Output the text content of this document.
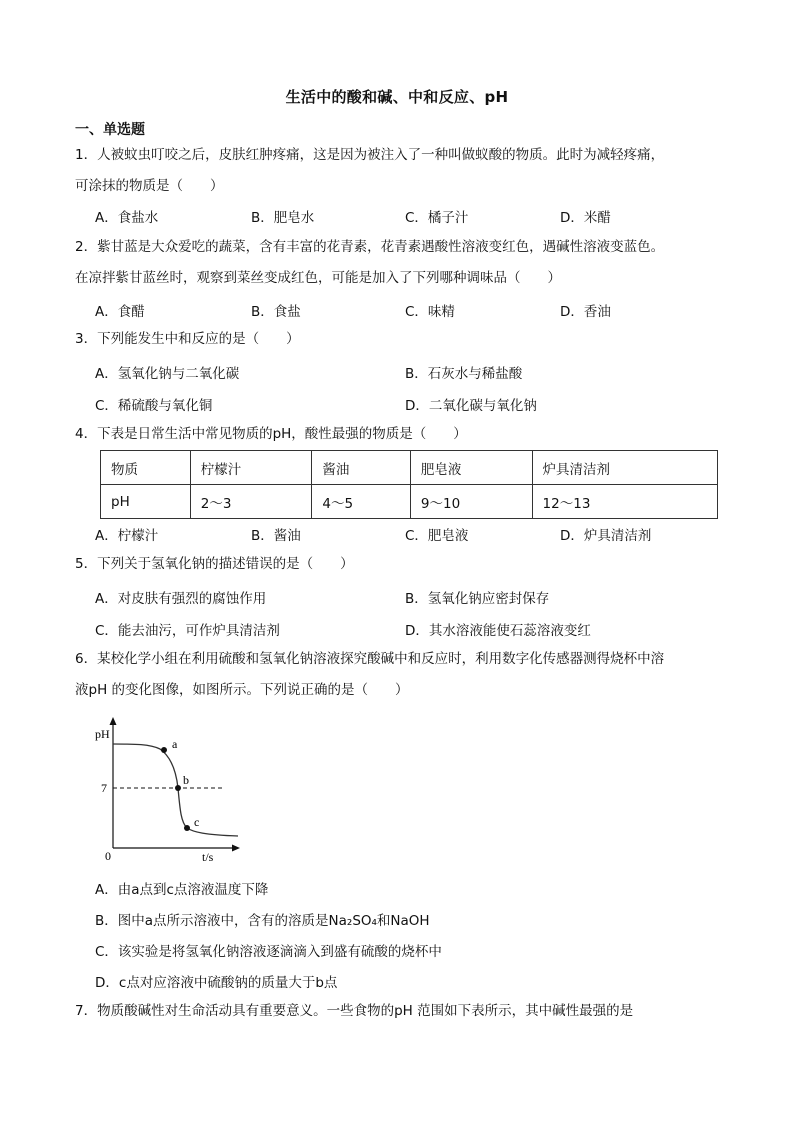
生活中的酸和碱、中和反应、pH
一、单选题
1．人被蚊虫叮咬之后，皮肤红肿疼痛，这是因为被注入了一种叫做蚁酸的物质。此时为减轻疼痛，
可涂抹的物质是（　　）
A．食盐水	B．肥皂水	C．橘子汁	D．米醋
2．紫甘蓝是大众爱吃的蔬菜，含有丰富的花青素，花青素遇酸性溶液变红色，遇碱性溶液变蓝色。
在凉拌紫甘蓝丝时，观察到菜丝变成红色，可能是加入了下列哪种调味品（　　）
A．食醋	B．食盐	C．味精	D．香油
3．下列能发生中和反应的是（　　）
A．氢氧化钠与二氧化碳	B．石灰水与稀盐酸
C．稀硫酸与氧化铜	D．二氧化碳与氧化钠
4．下表是日常生活中常见物质的pH，酸性最强的物质是（　　）
物质	柠檬汁	酱油	肥皂液	炉具清洁剂
pH	2～3	4～5	9～10	12～13
A．柠檬汁	B．酱油	C．肥皂液	D．炉具清洁剂
5．下列关于氢氧化钠的描述错误的是（　　）
A．对皮肤有强烈的腐蚀作用	B．氢氧化钠应密封保存
C．能去油污，可作炉具清洁剂	D．其水溶液能使石蕊溶液变红
6．某校化学小组在利用硫酸和氢氧化钠溶液探究酸碱中和反应时，利用数字化传感器测得烧杯中溶
液pH 的变化图像，如图所示。下列说正确的是（　　）
pH
7
0	t/s
a
b
c
A．由a点到c点溶液温度下降
B．图中a点所示溶液中，含有的溶质是Na₂SO₄和NaOH
C．该实验是将氢氧化钠溶液逐滴滴入到盛有硫酸的烧杯中
D．c点对应溶液中硫酸钠的质量大于b点
7．物质酸碱性对生命活动具有重要意义。一些食物的pH 范围如下表所示，其中碱性最强的是
